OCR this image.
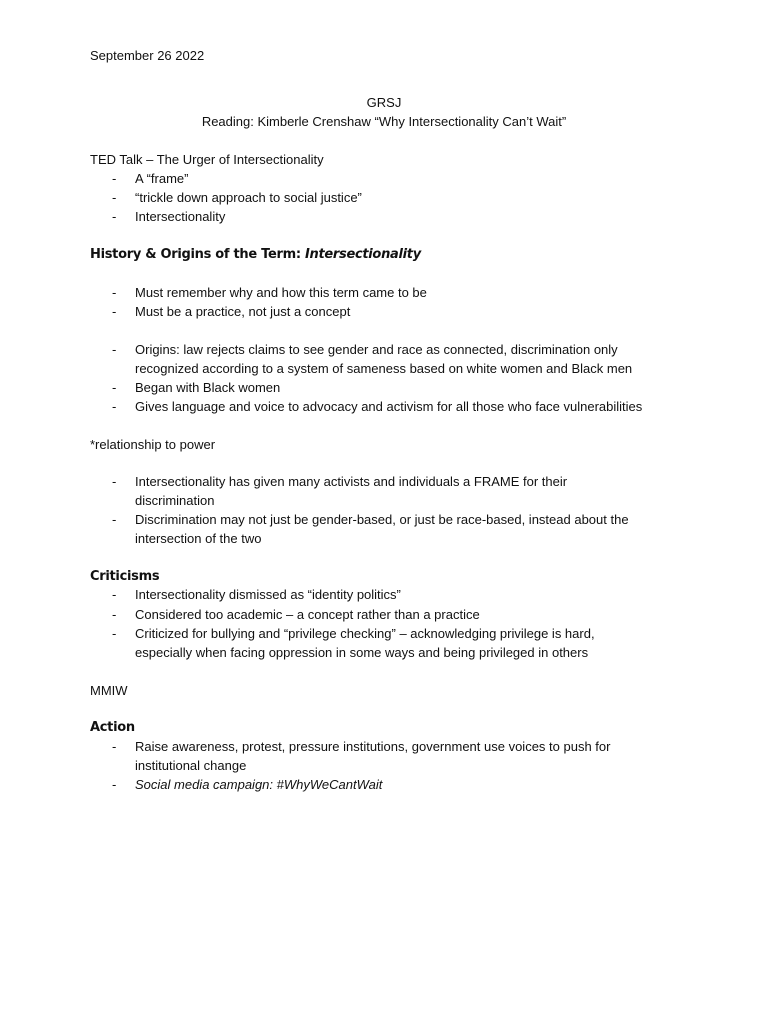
September 26 2022
GRSJ
Reading: Kimberle Crenshaw “Why Intersectionality Can’t Wait”
TED Talk – The Urger of Intersectionality
- A “frame”
- “trickle down approach to social justice”
- Intersectionality
History & Origins of the Term: Intersectionality
- Must remember why and how this term came to be
- Must be a practice, not just a concept
- Origins: law rejects claims to see gender and race as connected, discrimination only
recognized according to a system of sameness based on white women and Black men
- Began with Black women
- Gives language and voice to advocacy and activism for all those who face vulnerabilities
*relationship to power
- Intersectionality has given many activists and individuals a FRAME for their
discrimination
- Discrimination may not just be gender-based, or just be race-based, instead about the
intersection of the two
Criticisms
- Intersectionality dismissed as “identity politics”
- Considered too academic – a concept rather than a practice
- Criticized for bullying and “privilege checking” – acknowledging privilege is hard,
especially when facing oppression in some ways and being privileged in others
MMIW
Action
- Raise awareness, protest, pressure institutions, government use voices to push for
institutional change
- Social media campaign: #WhyWeCantWait
